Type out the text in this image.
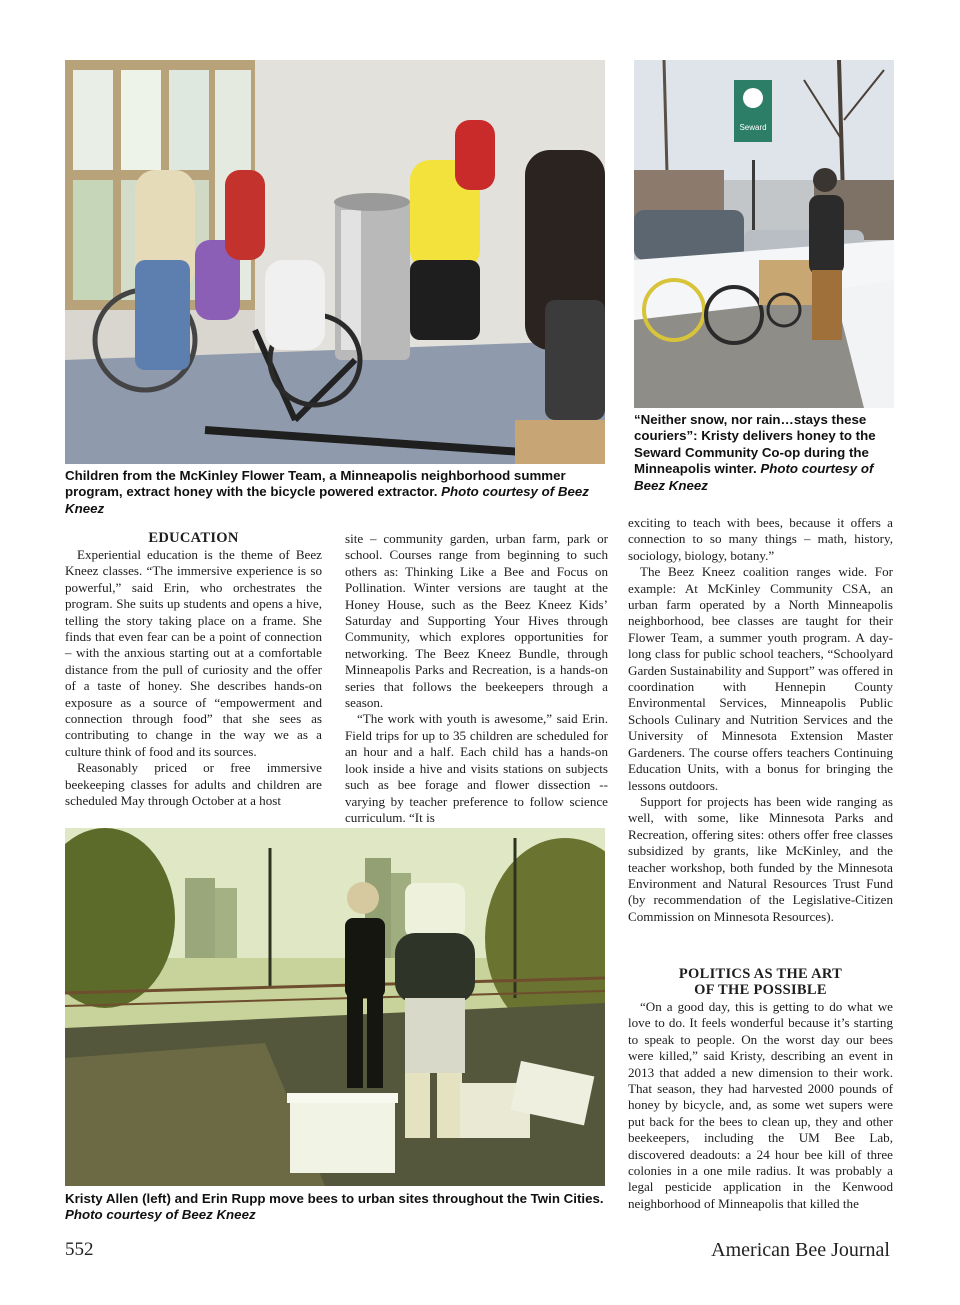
Children from the McKinley Flower Team, a Minneapolis neighborhood summer program, extract honey with the bicycle powered extractor. Photo courtesy of Beez Kneez
Seward
“Neither snow, nor rain…stays these couriers”: Kristy delivers honey to the Seward Community Co-op during the Minneapolis winter. Photo courtesy of Beez Kneez
EDUCATION

Experiential education is the theme of Beez Kneez classes. “The immersive experience is so powerful,” said Erin, who orchestrates the program. She suits up students and opens a hive, telling the story taking place on a frame. She finds that even fear can be a point of connection – with the anxious starting out at a comfortable distance from the pull of curiosity and the offer of a taste of honey. She describes hands-on exposure as a source of “empowerment and connection through food” that she sees as contributing to change in the way we as a culture think of food and its sources.

Reasonably priced or free immersive beekeeping classes for adults and children are scheduled May through October at a host

site – community garden, urban farm, park or school. Courses range from beginning to such others as: Thinking Like a Bee and Focus on Pollination. Winter versions are taught at the Honey House, such as the Beez Kneez Kids’ Saturday and Supporting Your Hives through Community, which explores opportunities for networking. The Beez Kneez Bundle, through Minneapolis Parks and Recreation, is a hands-on series that follows the beekeepers through a season.

“The work with youth is awesome,” said Erin. Field trips for up to 35 children are scheduled for an hour and a half. Each child has a hands-on look inside a hive and visits stations on subjects such as bee forage and flower dissection -- varying by teacher preference to follow science curriculum. “It is

exciting to teach with bees, because it offers a connection to so many things – math, history, sociology, biology, botany.”

The Beez Kneez coalition ranges wide. For example: At McKinley Community CSA, an urban farm operated by a North Minneapolis neighborhood, bee classes are taught for their Flower Team, a summer youth program. A day-long class for public school teachers, “Schoolyard Garden Sustainability and Support” was offered in coordination with Hennepin County Environmental Services, Minneapolis Public Schools Culinary and Nutrition Services and the University of Minnesota Extension Master Gardeners. The course offers teachers Continuing Education Units, with a bonus for bringing the lessons outdoors.

Support for projects has been wide ranging as well, with some, like Minnesota Parks and Recreation, offering sites: others offer free classes subsidized by grants, like McKinley, and the teacher workshop, both funded by the Minnesota Environment and Natural Resources Trust Fund (by recommendation of the Legislative-Citizen Commission on Minnesota Resources).

POLITICS AS THE ART
OF THE POSSIBLE

“On a good day, this is getting to do what we love to do. It feels wonderful because it’s starting to speak to people. On the worst day our bees were killed,” said Kristy, describing an event in 2013 that added a new dimension to their work. That season, they had harvested 2000 pounds of honey by bicycle, and, as some wet supers were put back for the bees to clean up, they and other beekeepers, including the UM Bee Lab, discovered deadouts: a 24 hour bee kill of three colonies in a one mile radius. It was probably a legal pesticide application in the Kenwood neighborhood of Minneapolis that killed the

Kristy Allen (left) and Erin Rupp move bees to urban sites throughout the Twin Cities. Photo courtesy of Beez Kneez
552	American Bee Journal
